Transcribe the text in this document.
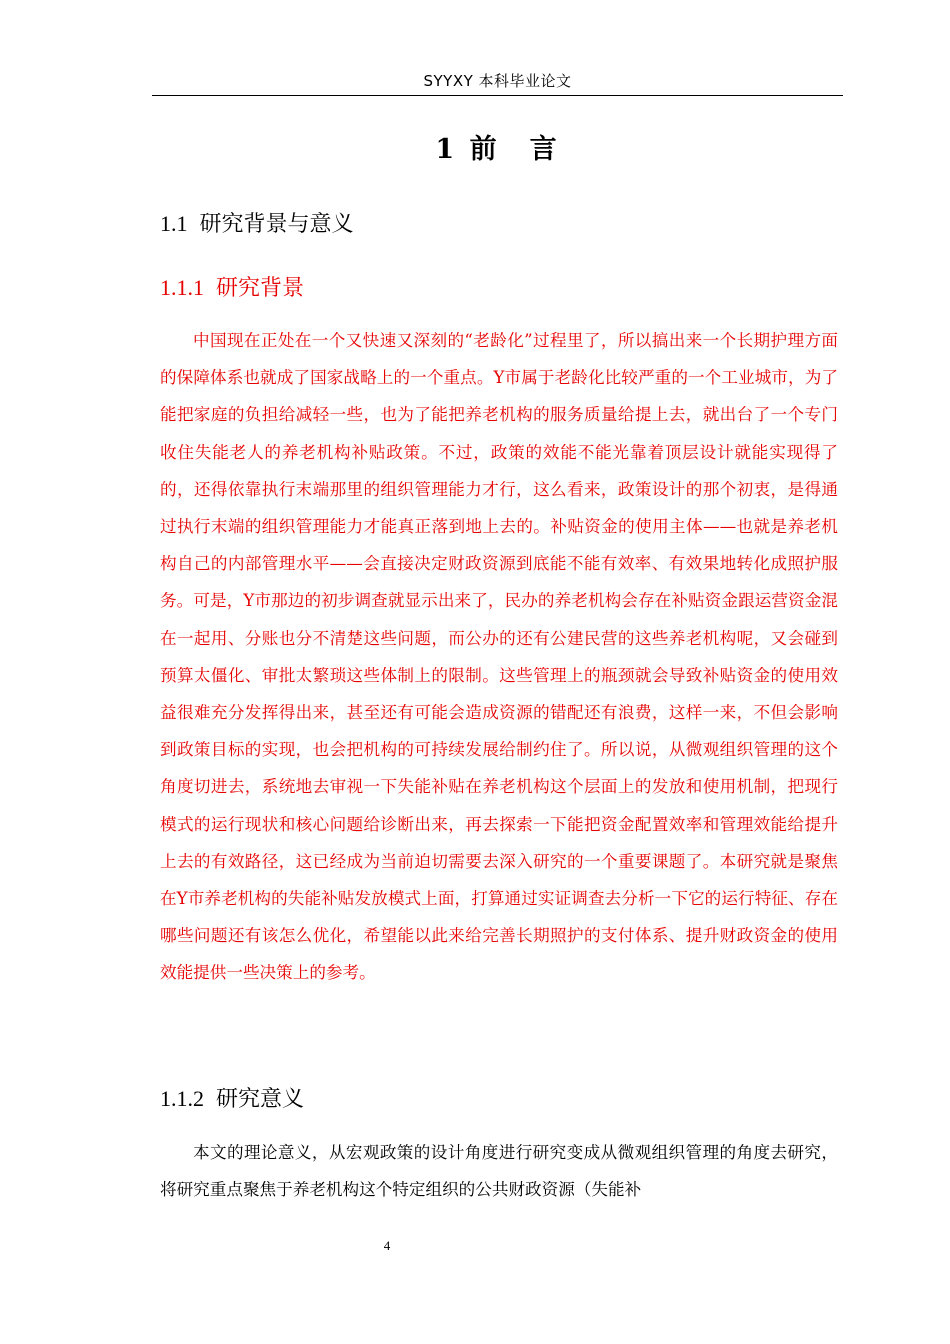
SYYXY 本科毕业论文
1 前　言
1.1 研究背景与意义
1.1.1 研究背景

中国现在正处在一个又快速又深刻的“老龄化”过程里了，所以搞出来一个长期护理方面的保障体系也就成了国家战略上的一个重点。Y市属于老龄化比较严重的一个工业城市，为了能把家庭的负担给减轻一些，也为了能把养老机构的服务质量给提上去，就出台了一个专门收住失能老人的养老机构补贴政策。不过，政策的效能不能光靠着顶层设计就能实现得了的，还得依靠执行末端那里的组织管理能力才行，这么看来，政策设计的那个初衷，是得通过执行末端的组织管理能力才能真正落到地上去的。补贴资金的使用主体——也就是养老机构自己的内部管理水平——会直接决定财政资源到底能不能有效率、有效果地转化成照护服务。可是，Y市那边的初步调查就显示出来了，民办的养老机构会存在补贴资金跟运营资金混在一起用、分账也分不清楚这些问题，而公办的还有公建民营的这些养老机构呢，又会碰到预算太僵化、审批太繁琐这些体制上的限制。这些管理上的瓶颈就会导致补贴资金的使用效益很难充分发挥得出来，甚至还有可能会造成资源的错配还有浪费，这样一来，不但会影响到政策目标的实现，也会把机构的可持续发展给制约住了。所以说，从微观组织管理的这个角度切进去，系统地去审视一下失能补贴在养老机构这个层面上的发放和使用机制，把现行模式的运行现状和核心问题给诊断出来，再去探索一下能把资金配置效率和管理效能给提升上去的有效路径，这已经成为当前迫切需要去深入研究的一个重要课题了。本研究就是聚焦在Y市养老机构的失能补贴发放模式上面，打算通过实证调查去分析一下它的运行特征、存在哪些问题还有该怎么优化，希望能以此来给完善长期照护的支付体系、提升财政资金的使用效能提供一些决策上的参考。

1.1.2 研究意义

本文的理论意义，从宏观政策的设计角度进行研究变成从微观组织管理的角度去研究，将研究重点聚焦于养老机构这个特定组织的公共财政资源（失能补

4
